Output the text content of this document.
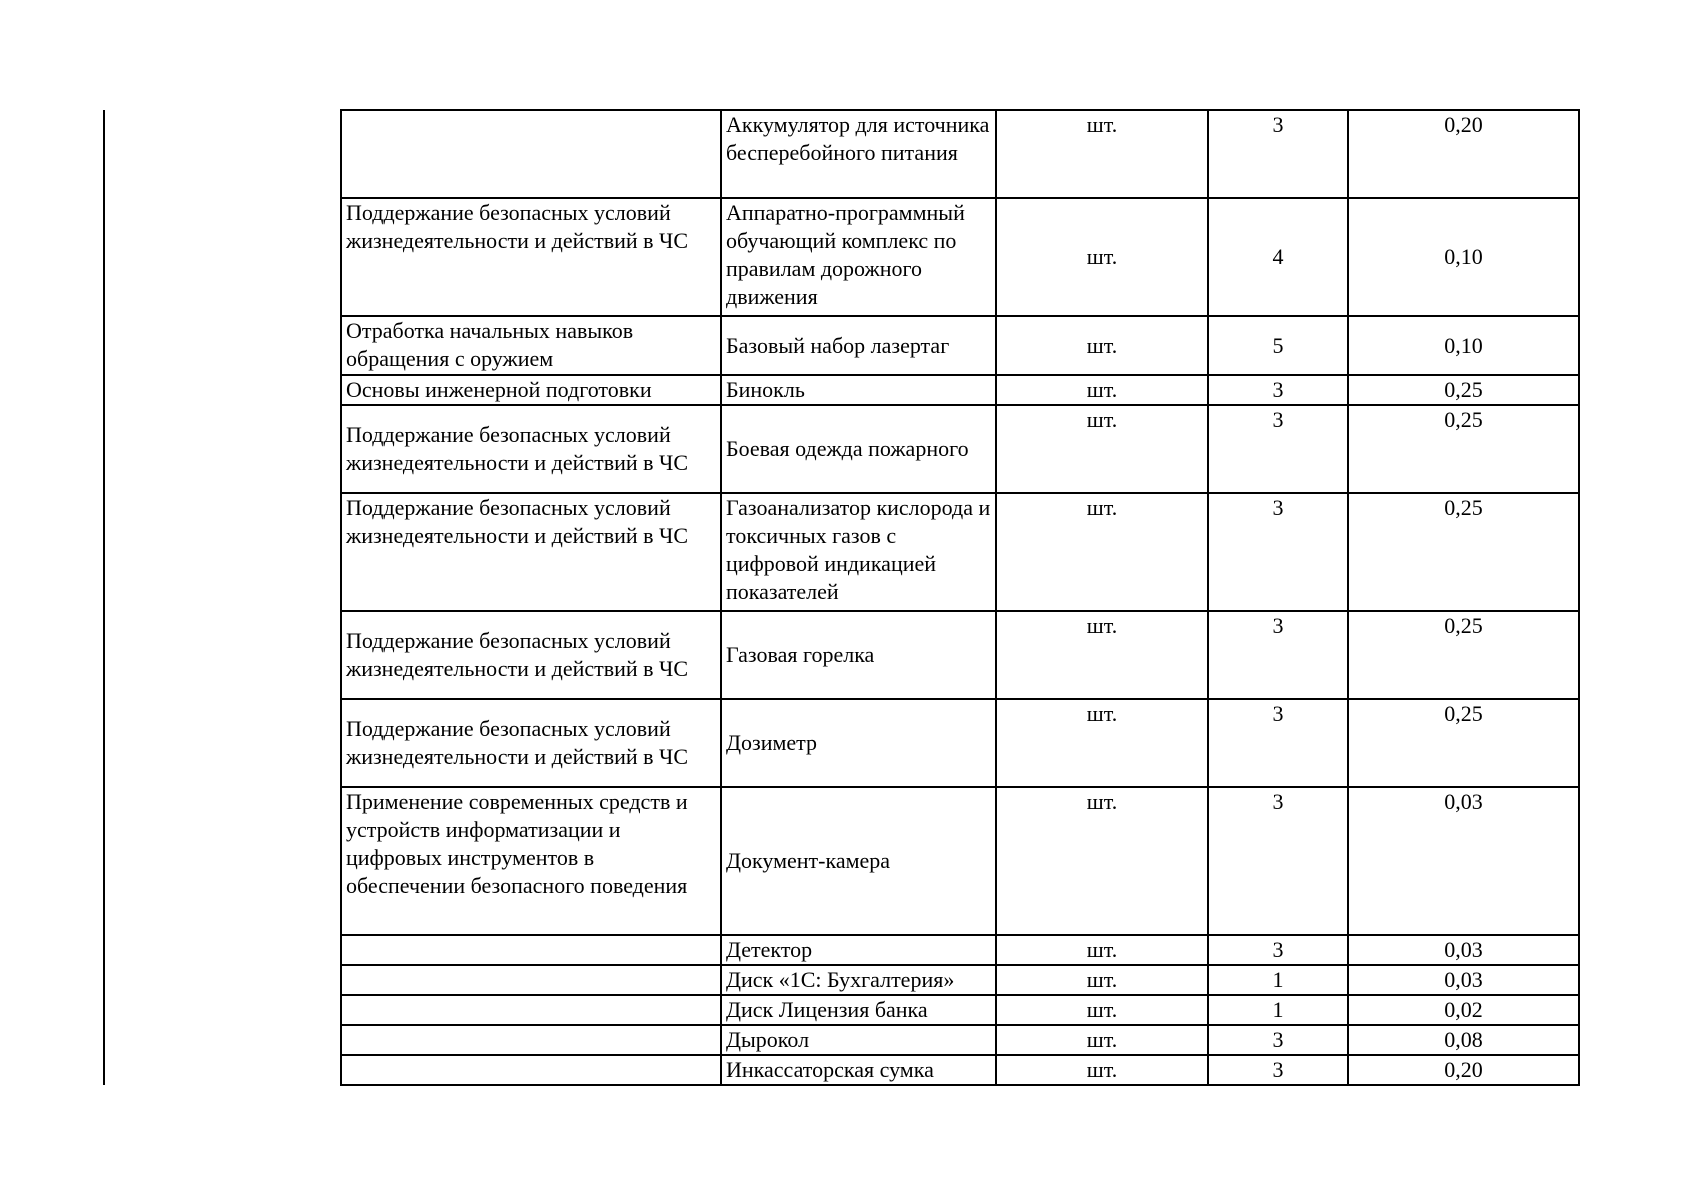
	Аккумулятор для источника бесперебойного питания	шт.	3	0,20
Поддержание безопасных условий жизнедеятельности и действий в ЧС	Аппаратно-программный обучающий комплекс по правилам дорожного движения	шт.	4	0,10
Отработка начальных навыков обращения с оружием	Базовый набор лазертаг	шт.	5	0,10
Основы инженерной подготовки	Бинокль	шт.	3	0,25
Поддержание безопасных условий жизнедеятельности и действий в ЧС	Боевая одежда пожарного	шт.	3	0,25
Поддержание безопасных условий жизнедеятельности и действий в ЧС	Газоанализатор кислорода и токсичных газов с цифровой индикацией показателей	шт.	3	0,25
Поддержание безопасных условий жизнедеятельности и действий в ЧС	Газовая горелка	шт.	3	0,25
Поддержание безопасных условий жизнедеятельности и действий в ЧС	Дозиметр	шт.	3	0,25
Применение современных средств и устройств информатизации и цифровых инструментов в обеспечении безопасного поведения	Документ-камера	шт.	3	0,03
	Детектор	шт.	3	0,03
	Диск «1С: Бухгалтерия»	шт.	1	0,03
	Диск Лицензия банка	шт.	1	0,02
	Дырокол	шт.	3	0,08
	Инкассаторская сумка	шт.	3	0,20
